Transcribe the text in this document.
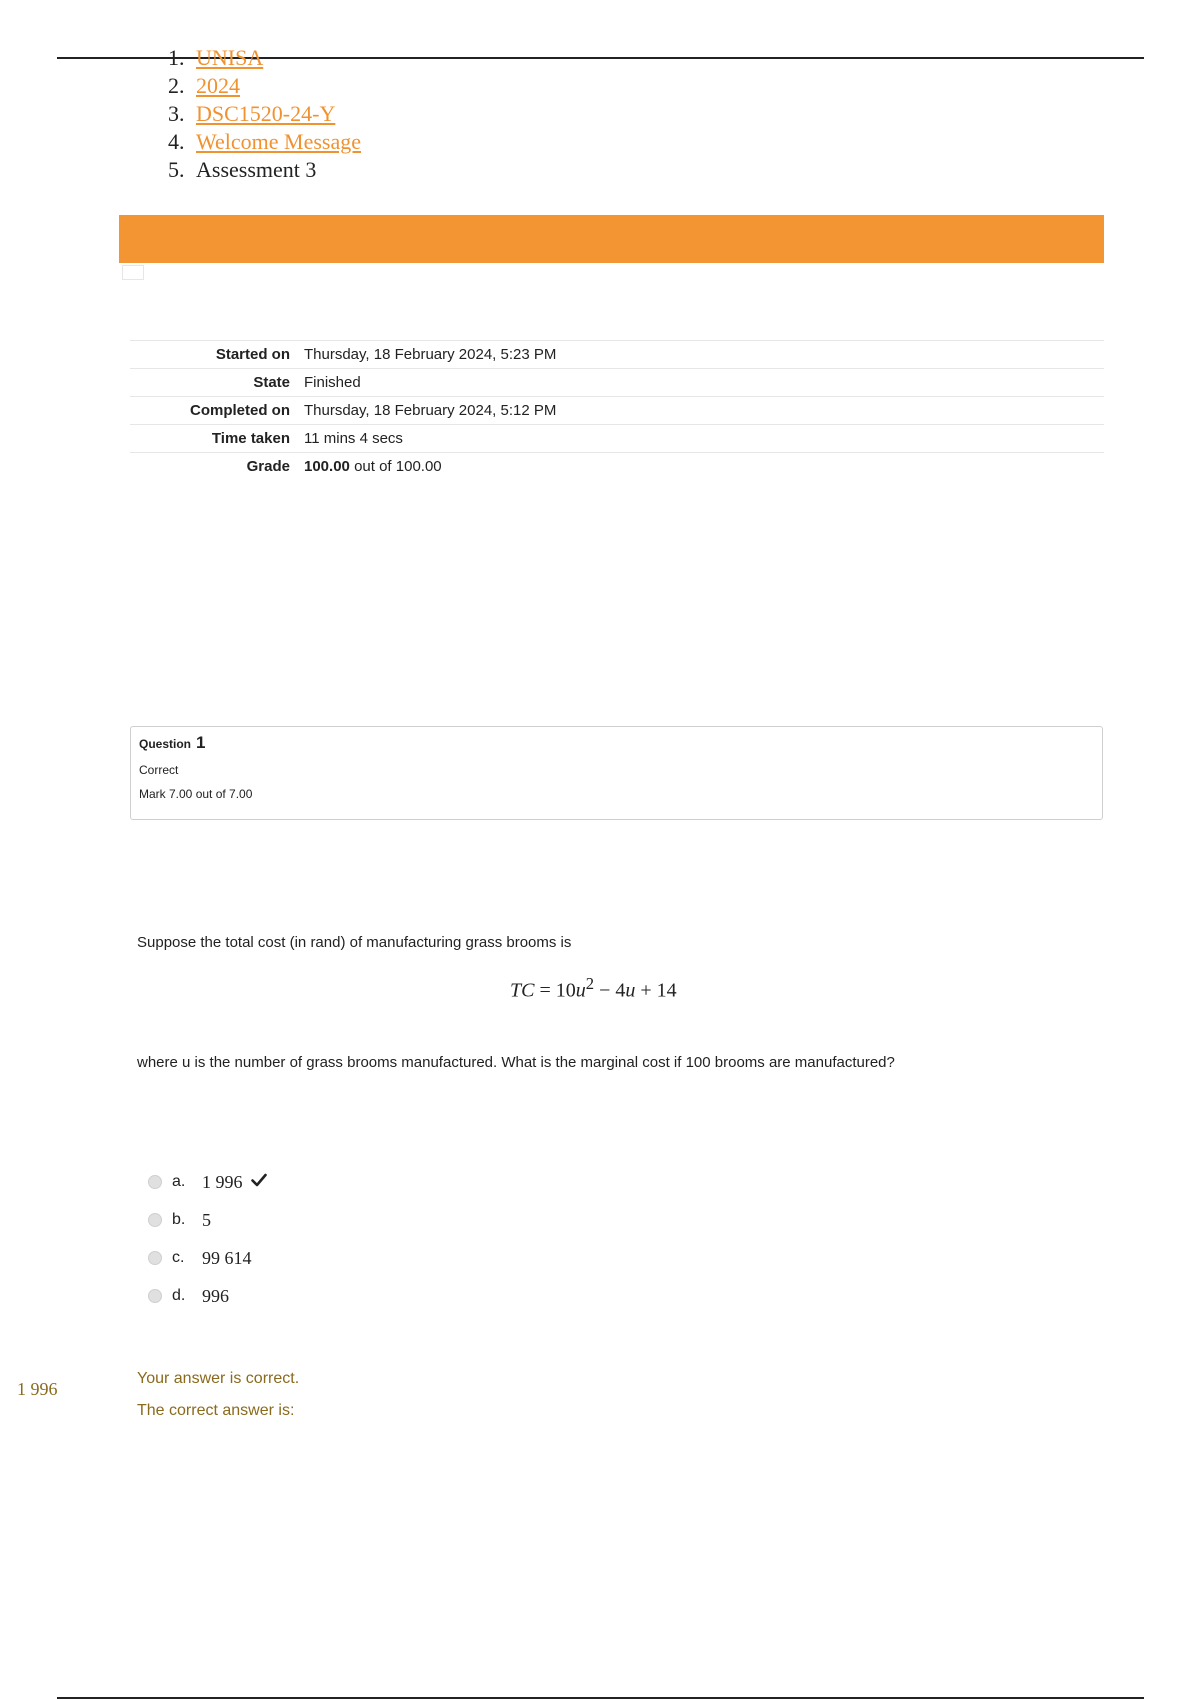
1. UNISA
2. 2024
3. DSC1520-24-Y
4. Welcome Message
5. Assessment 3
Started on	Thursday, 18 February 2024, 5:23 PM
State	Finished
Completed on	Thursday, 18 February 2024, 5:12 PM
Time taken	11 mins 4 secs
Grade	100.00 out of 100.00
Question 1
Correct
Mark 7.00 out of 7.00
Suppose the total cost (in rand) of manufacturing grass brooms is
TC = $10u^2 - 4u + 14$
where u is the number of grass brooms manufactured. What is the marginal cost if 100 brooms are manufactured?
a. 1 996
b. 5
c. 99 614
d. 996
1 996
Your answer is correct.
The correct answer is:
